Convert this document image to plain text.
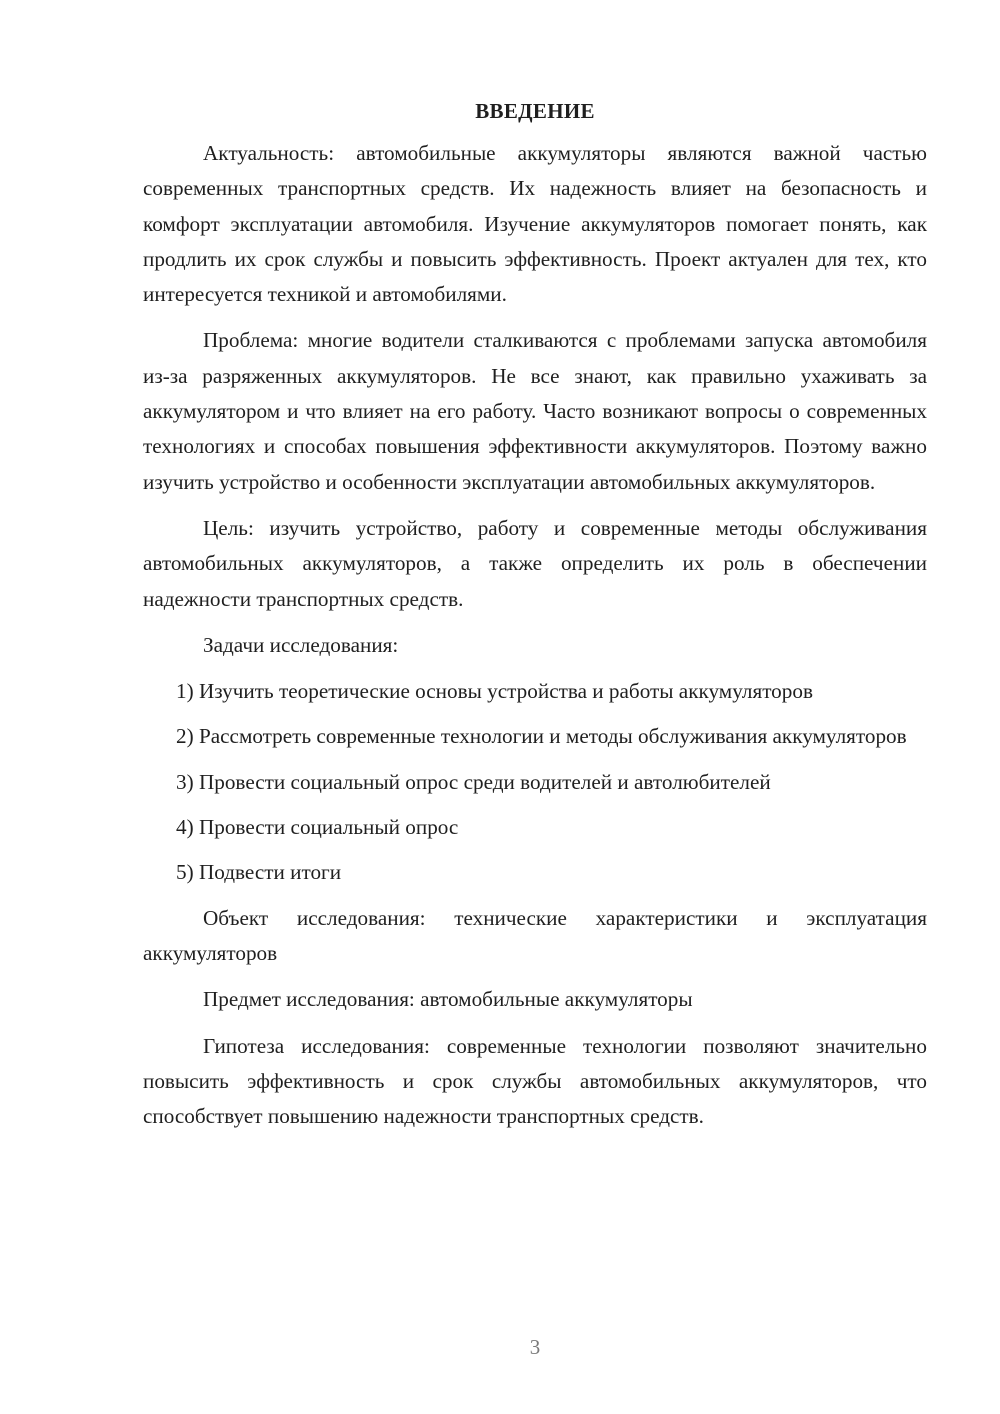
ВВЕДЕНИЕ

Актуальность: автомобильные аккумуляторы являются важной частью современных транспортных средств. Их надежность влияет на безопасность и комфорт эксплуатации автомобиля. Изучение аккумуляторов помогает понять, как продлить их срок службы и повысить эффективность. Проект актуален для тех, кто интересуется техникой и автомобилями.

Проблема: многие водители сталкиваются с проблемами запуска автомобиля из-за разряженных аккумуляторов. Не все знают, как правильно ухаживать за аккумулятором и что влияет на его работу. Часто возникают вопросы о современных технологиях и способах повышения эффективности аккумуляторов. Поэтому важно изучить устройство и особенности эксплуатации автомобильных аккумуляторов.

Цель: изучить устройство, работу и современные методы обслуживания автомобильных аккумуляторов, а также определить их роль в обеспечении надежности транспортных средств.

Задачи исследования:

1) Изучить теоретические основы устройства и работы аккумуляторов

2) Рассмотреть современные технологии и методы обслуживания аккумуляторов

3) Провести социальный опрос среди водителей и автолюбителей

4) Провести социальный опрос

5) Подвести итоги

Объект исследования: технические характеристики и эксплуатация аккумуляторов

Предмет исследования: автомобильные аккумуляторы

Гипотеза исследования: современные технологии позволяют значительно повысить эффективность и срок службы автомобильных аккумуляторов, что способствует повышению надежности транспортных средств.

3
